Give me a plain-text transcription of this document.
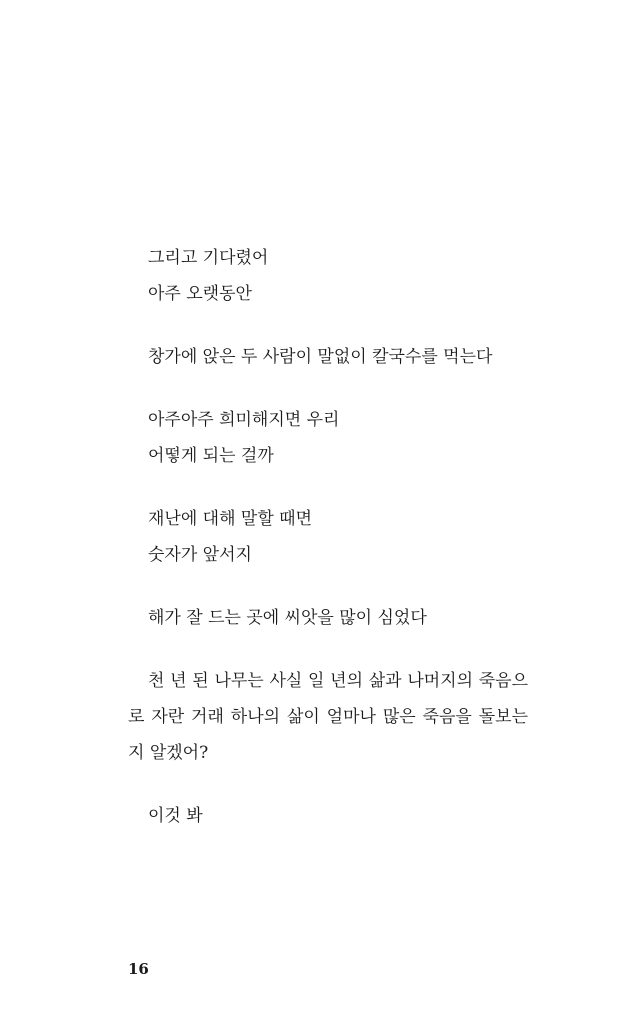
그리고 기다렸어
아주 오랫동안
창가에 앉은 두 사람이 말없이 칼국수를 먹는다
아주아주 희미해지면 우리
어떻게 되는 걸까
재난에 대해 말할 때면
숫자가 앞서지
해가 잘 드는 곳에 씨앗을 많이 심었다
천 년 된 나무는 사실 일 년의 삶과 나머지의 죽음으로 자란 거래 하나의 삶이 얼마나 많은 죽음을 돌보는지 알겠어?
이것 봐
16
